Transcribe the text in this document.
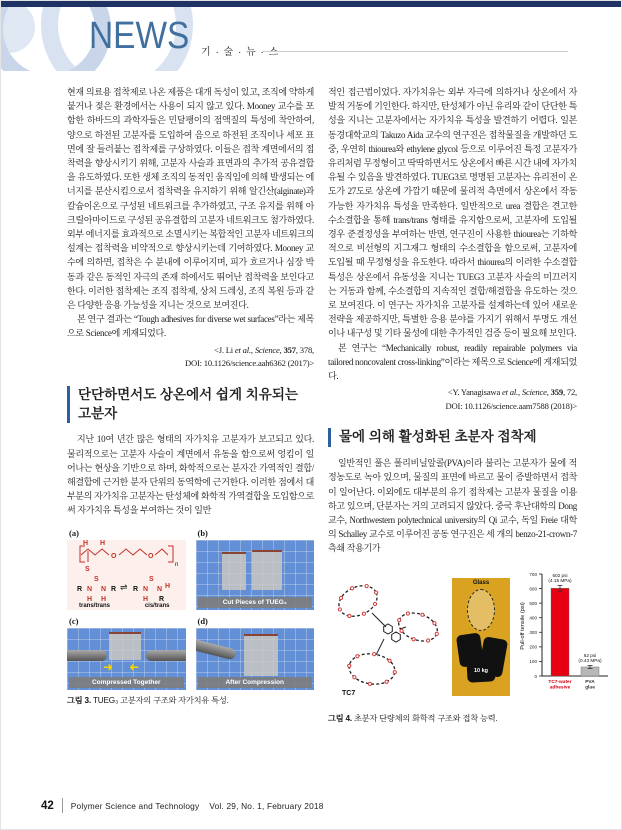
NEWS 기 · 술 · 뉴 · 스

현재 의료용 접착제로 나온 제품은 대개 독성이 있고, 조직에 약하게 붙거나 젖은 환경에서는 사용이 되지 않고 있다. Mooney 교수를 포함한 하바드의 과학자들은 민달팽이의 점액질의 특성에 착안하여, 양으로 하전된 고분자를 도입하여 음으로 하전된 조직이나 세포 표면에 잘 들러붙는 접착제를 구상하였다. 이들은 접착 계면에서의 접착력을 향상시키기 위해, 고분자 사슬과 표면과의 추가적 공유결합을 유도하였다. 또한 생체 조직의 동적인 움직임에 의해 발생되는 에너지를 분산시킴으로서 접착력을 유지하기 위해 알긴산(alginate)과 칼슘이온으로 구성된 네트워크를 추가하였고, 구조 유지를 위해 아크릴아마이드로 구성된 공유결합의 고분자 네트워크도 첨가하였다. 외부 에너지를 효과적으로 소멸시키는 복합적인 고분자 네트워크의 설계는 접착력을 비약적으로 향상시키는데 기여하였다. Mooney 교수에 의하면, 접착은 수 분내에 이루어지며, 피가 흐르거나 심장 박동과 같은 동적인 자극의 존재 하에서도 뛰어난 접착력을 보인다고 한다. 이러한 접착제는 조직 접착제, 상처 드레싱, 조직 복원 등과 같은 다양한 응용 가능성을 지니는 것으로 보여진다.

본 연구 결과는 “Tough adhesives for diverse wet surfaces”라는 제목으로 Science에 게재되었다.

<J. Li et al., Science, 357, 378,
DOI: 10.1126/science.aah6362 (2017)>
단단하면서도 상온에서 쉽게 치유되는 고분자

지난 10여 년간 많은 형태의 자가치유 고분자가 보고되고 있다. 물리적으로는 고분자 사슬이 계면에서 유동을 함으로써 엉킴이 일어나는 현상을 기반으로 하며, 화학적으로는 분자간 가역적인 결합/해결합에 근거한 분자 단위의 동역학에 근거한다. 이러한 점에서 대부분의 자가치유 고분자는 탄성체에 화학적 가역결합을 도입함으로써 자가치유 특성을 부여하는 것이 일반

(a)
O	O
S
H H
n
S
R N N R
H H
⇌
S
R N N H
H R
trans/trans	cis/trans
(b)
Cut Pieces of TUEG₃
(c)
➜ ➜
Compressed Together
(d)
After Compression
그림 3. TUEG₃ 고분자의 구조와 자가치유 특성.

적인 접근법이었다. 자가치유는 외부 자극에 의하거나 상온에서 자발적 거동에 기인한다. 하지만, 탄성체가 아닌 유리와 같이 단단한 특성을 지니는 고분자에서는 자가치유 특성을 발견하기 어렵다. 일본 동경대학교의 Takuzo Aida 교수의 연구진은 접착물질을 개발하던 도중, 우연히 thiourea와 ethylene glycol 등으로 이루어진 특정 고분자가 유리처럼 무정형이고 딱딱하면서도 상온에서 빠른 시간 내에 자가치유될 수 있음을 발견하였다. TUEG3로 명명된 고분자는 유리전이 온도가 27도로 상온에 가깝기 때문에 물리적 측면에서 상온에서 작동 가능한 자가치유 특성을 만족한다. 일반적으로 urea 결합은 견고한 수소결합을 통해 trans/trans 형태를 유지함으로써, 고분자에 도입될 경우 준결정성을 부여하는 반면, 연구진이 사용한 thiourea는 기하학적으로 비선형의 지그재그 형태의 수소결합을 함으로써, 고분자에 도입될 때 무정형성을 유도한다. 따라서 thiourea의 이러한 수소결합 특성은 상온에서 유동성을 지니는 TUEG3 고분자 사슬의 미끄러지는 거동과 함께, 수소결합의 지속적인 결합/해결합을 유도하는 것으로 보여진다. 이 연구는 자가치유 고분자를 설계하는데 있어 새로운 전략을 제공하지만, 특별한 응용 분야를 가지기 위해서 투명도 개선이나 내구성 및 기타 물성에 대한 추가적인 검증 등이 필요해 보인다.

본 연구는 “Mechanically robust, readily repairable polymers via tailored noncovalent cross-linking”이라는 제목으로 Science에 게재되었다.

<Y. Yanagisawa et al., Science, 359, 72,
DOI: 10.1126/science.aam7588 (2018)>
물에 의해 활성화된 초분자 접착제

일반적인 풀은 폴리비닐알콜(PVA)이라 불리는 고분자가 물에 적정농도로 녹아 있으며, 물질의 표면에 바르고 물이 증발하면서 접착이 일어난다. 이외에도 대부분의 유기 접착제는 고분자 물질을 이용하고 있으며, 단분자는 거의 고려되지 않았다. 중국 후난대학의 Dong 교수, Northwestern polytechnical university의 Qi 교수, 독일 Freie 대학의 Schalley 교수로 이루어진 공동 연구진은 세 개의 benzo-21-crown-7 측쇄 작용기가

TC7
Glass
10 kg
0
100
200
300
400
500
600
700
Pull-off tensile (psi)
602 psi
(4.15 MPa)
TC7-water
adhesive
62 psi
(0.43 MPa)
PVA
glue
그림 4. 초분자 단량체의 화학적 구조와 접착 능력.
42 Polymer Science and Technology Vol. 29, No. 1, February 2018
